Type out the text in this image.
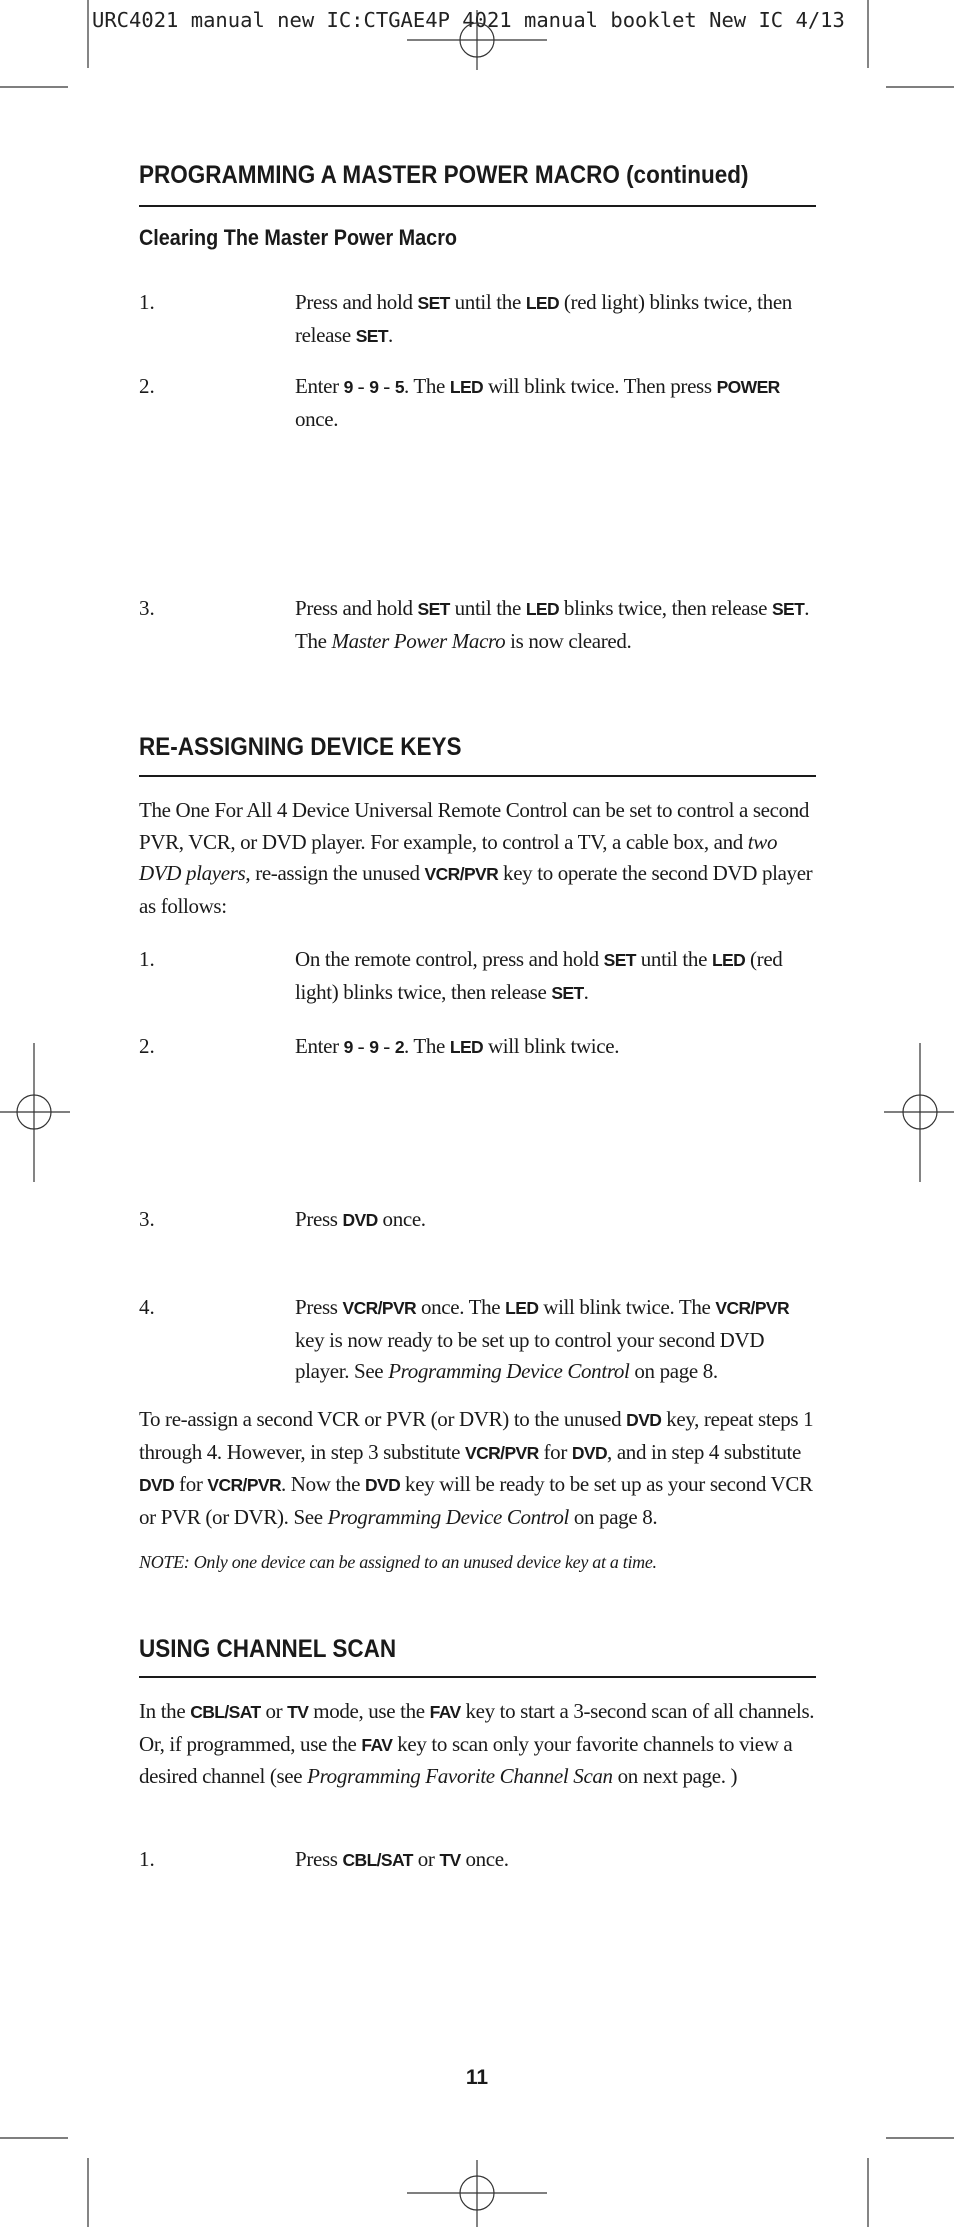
URC4021 manual new IC:CTGAE4P 4021 manual booklet New IC 4/13
PROGRAMMING A MASTER POWER MACRO (continued)
Clearing The Master Power Macro
1.	Press and hold SET until the LED (red light) blinks twice, then release SET.
2.	Enter 9 - 9 - 5. The LED will blink twice. Then press POWER once.
3.	Press and hold SET until the LED blinks twice, then release SET. The Master Power Macro is now cleared.
RE-ASSIGNING DEVICE KEYS
The One For All 4 Device Universal Remote Control can be set to control a second PVR, VCR, or DVD player. For example, to control a TV, a cable box, and two DVD players, re-assign the unused VCR/PVR key to operate the second DVD player as follows:
1.	On the remote control, press and hold SET until the LED (red light) blinks twice, then release SET.
2.	Enter 9 - 9 - 2. The LED will blink twice.
3.	Press DVD once.
4.	Press VCR/PVR once. The LED will blink twice. The VCR/PVR key is now ready to be set up to control your second DVD player. See Programming Device Control on page 8.
To re-assign a second VCR or PVR (or DVR) to the unused DVD key, repeat steps 1 through 4. However, in step 3 substitute VCR/PVR for DVD, and in step 4 substitute DVD for VCR/PVR. Now the DVD key will be ready to be set up as your second VCR or PVR (or DVR). See Programming Device Control on page 8.
NOTE: Only one device can be assigned to an unused device key at a time.
USING CHANNEL SCAN
In the CBL/SAT or TV mode, use the FAV key to start a 3-second scan of all channels. Or, if programmed, use the FAV key to scan only your favorite channels to view a desired channel (see Programming Favorite Channel Scan on next page. )
1.	Press CBL/SAT or TV once.
11
